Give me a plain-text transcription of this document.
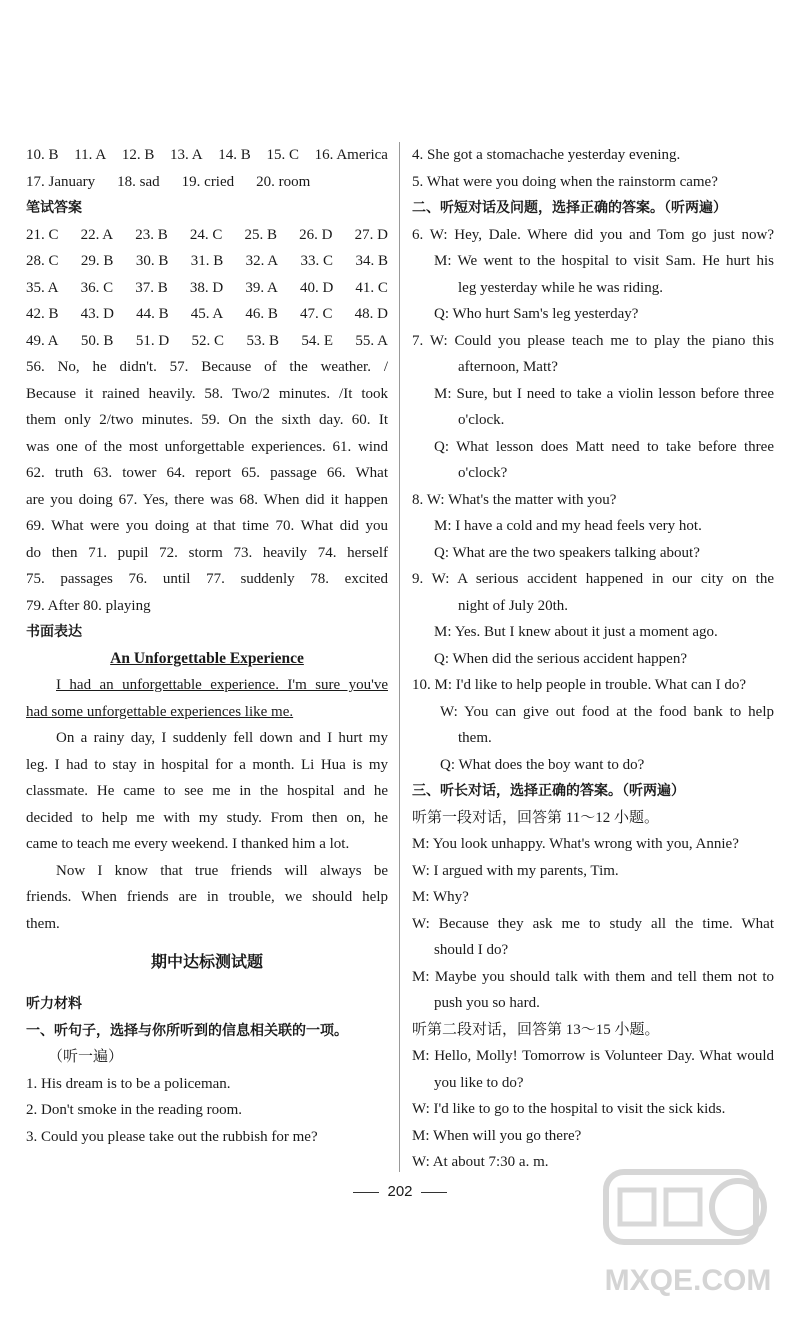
10. B 11. A 12. B 13. A 14. B 15. C 16. America
17. January 18. sad 19. cried 20. room
笔试答案
21. C 22. A 23. B 24. C 25. B 26. D 27. D
28. C 29. B 30. B 31. B 32. A 33. C 34. B
35. A 36. C 37. B 38. D 39. A 40. D 41. C
42. B 43. D 44. B 45. A 46. B 47. C 48. D
49. A 50. B 51. D 52. C 53. B 54. E 55. A
56. No, he didn't. 57. Because of the weather. /
Because it rained heavily. 58. Two/2 minutes. /It took
them only 2/two minutes. 59. On the sixth day. 60. It
was one of the most unforgettable experiences. 61. wind
62. truth 63. tower 64. report 65. passage 66. What
are you doing 67. Yes, there was 68. When did it happen
69. What were you doing at that time 70. What did you
do then 71. pupil 72. storm 73. heavily 74. herself
75. passages 76. until 77. suddenly 78. excited
79. After 80. playing
书面表达
An Unforgettable Experience
I had an unforgettable experience. I'm sure you've
had some unforgettable experiences like me.
On a rainy day, I suddenly fell down and I hurt my
leg. I had to stay in hospital for a month. Li Hua is my
classmate. He came to see me in the hospital and he
decided to help me with my study. From then on, he
came to teach me every weekend. I thanked him a lot.
Now I know that true friends will always be
friends. When friends are in trouble, we should help
them.
期中达标测试题
听力材料
一、听句子，选择与你所听到的信息相关联的一项。
（听一遍）
1. His dream is to be a policeman.
2. Don't smoke in the reading room.
3. Could you please take out the rubbish for me?
4. She got a stomachache yesterday evening.
5. What were you doing when the rainstorm came?
二、听短对话及问题，选择正确的答案。（听两遍）
6. W: Hey, Dale. Where did you and Tom go just now?
M: We went to the hospital to visit Sam. He hurt his
leg yesterday while he was riding.
Q: Who hurt Sam's leg yesterday?
7. W: Could you please teach me to play the piano this
afternoon, Matt?
M: Sure, but I need to take a violin lesson before three
o'clock.
Q: What lesson does Matt need to take before three
o'clock?
8. W: What's the matter with you?
M: I have a cold and my head feels very hot.
Q: What are the two speakers talking about?
9. W: A serious accident happened in our city on the
night of July 20th.
M: Yes. But I knew about it just a moment ago.
Q: When did the serious accident happen?
10. M: I'd like to help people in trouble. What can I do?
W: You can give out food at the food bank to help
them.
Q: What does the boy want to do?
三、听长对话，选择正确的答案。（听两遍）
听第一段对话，回答第 11～12 小题。
M: You look unhappy. What's wrong with you, Annie?
W: I argued with my parents, Tim.
M: Why?
W: Because they ask me to study all the time. What
should I do?
M: Maybe you should talk with them and tell them not to
push you so hard.
听第二段对话，回答第 13～15 小题。
M: Hello, Molly! Tomorrow is Volunteer Day. What would
you like to do?
W: I'd like to go to the hospital to visit the sick kids.
M: When will you go there?
W: At about 7:30 a. m.
202
MXQE.COM
